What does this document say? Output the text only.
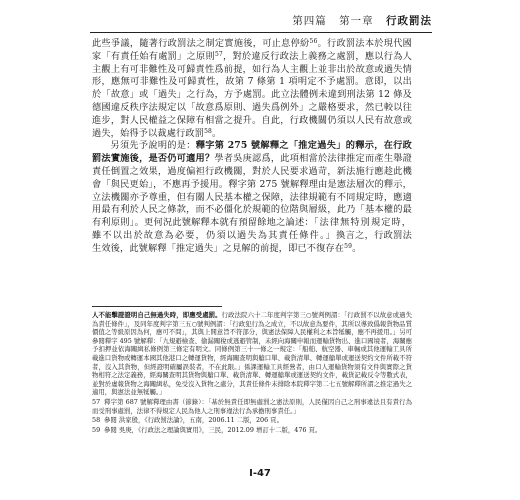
第四篇 第一章 行政罰法

此些爭議，隨著行政罰法之制定實施後，可止息停紛$^{56}$。行政罰法本於現代國家「有責任始有處罰」之原則$^{57}$，對於違反行政法上義務之處罰，應以行為人主觀上有可非難性及可歸責性爲前提，如行為人主觀上並非出於故意或過失情形，應無可非難性及可歸責性，故第 7 條第 1 項明定不予處罰。意即，以出於「故意」或「過失」之行為，方予處罰。此立法體例未違到刑法第 12 條及德國違反秩序法規定以「故意爲原則、過失爲例外」之嚴格要求，然已較以往進步，對人民權益之保障有相當之提升。自此，行政機關仍須以人民有故意或過失，始得予以裁處行政罰$^{58}$。

另須先予說明的是：釋字第 275 號解釋之「推定過失」的釋示，在行政罰法實施後，是否仍可適用？學者吳庚認爲，此項相當於法律推定而產生舉證責任倒置之效果，過度偏袒行政機關，對於人民要求過苛，新法施行應趁此機會「與民更始」，不應再予援用。釋字第 275 號解釋理由是憲法層次的釋示，立法機關亦予尊重，但有關人民基本權之保障，法律規範有不同規定時，應適用最有利於人民之條款，而不必僵化於規範的位階與層級，此乃「基本權的最有利原則」。更何況此號解釋本就有預留餘地之論述：「法律無特別規定時，雖不以出於故意為必要，仍須以過失為其責任條件。」換言之，行政罰法生效後，此號解釋「推定過失」之見解的前提，即已不復存在$^{59}$。

人不能擊證證明自己無過失時，即應受處罰。行政法院六十二年度判字第三○號判例謂：「行政罰不以故意或過失為責任條件」，及同年度判字第三五○號判例謂：「行政犯行為之成立，不以故意為要件，其所以導致僞報貨物品質價值之等級原因為何，應可不問」，其與上開意旨不符部分，與憲法保障人民權利之本旨牴觸，應不再援用。」另可參閱釋字 495 號解釋：「九規避檢查、偷漏關稅或逃避管制，未經向海關申報而運輸貨物出、進口國境者，海關應予扣押並依海關緝私條例第三條定有明文。同條例第三十一條之一規定：「船舶、航空器、車輛或其他運輸工具所載進口貨物或轉運本國其他港口之轉運貨物，經海關查明與艙口單、載貨清單、轉運艙單或運送契約文件所載不符者，沒入其貨物，但經證明確屬誤裝者，不在此限。」係課運輸工具經營者，由口人運輸貨物須有文件與實際之貨物相符之法定義務，經海關查明其貨物與艙口單、載貨清單、轉運艙單或運送契約文件，載貨記載反令等數式表，並對於虛報貨物之海關緝私，免受沒入貨物之處分，其責任條件未排除本院釋字第二七五號解釋所謂之推定過失之適用，與憲法並無牴觸。」

57 釋字第 687 號解釋理由書（節錄）：「基於無責任即無處罰之憲法原則，人民僅因自己之刑事違法且有責行為而受刑事處罰，法律不得規定人民為他人之刑事違法行為承擔刑事責任。」

58 參閱 洪家殷，《行政罰法論》，五南，2006.11 二版，206 頁。

59 參閱 吳庚，《行政法之理論與實用》，三民，2012.09 增訂十二版，476 頁。

I-47
